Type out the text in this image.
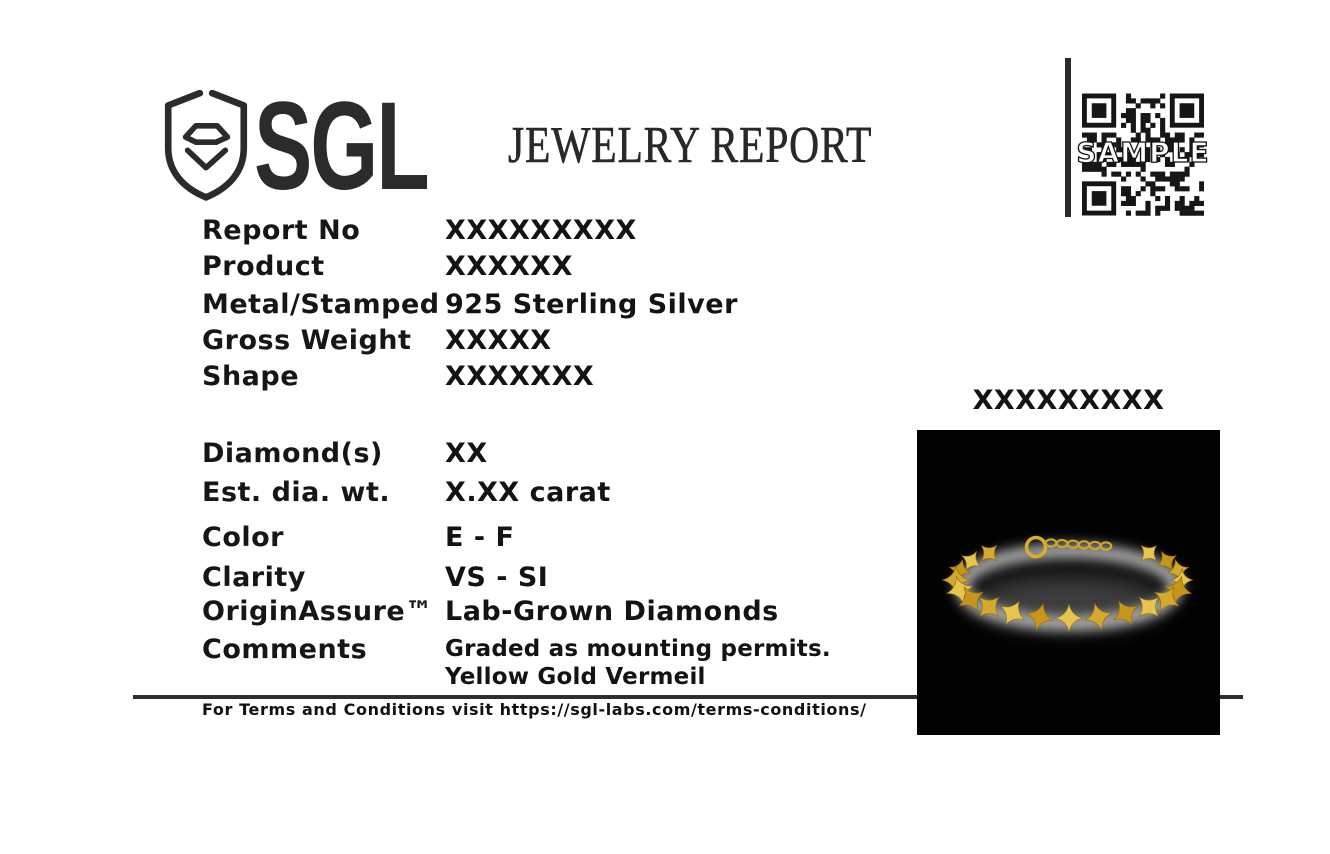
SGL JEWELRY REPORT	SAMPLE
Report No	XXXXXXXXX
Product	XXXXXX
Metal/Stamped 925 Sterling Silver
Gross Weight XXXXX
Shape	XXXXXXX
Diamond(s) XX
Est. dia. wt. X.XX carat
Color	E - F
Clarity	VS - SI
OriginAssure™ Lab-Grown Diamonds
Comments	Graded as mounting permits.
Yellow Gold Vermeil
For Terms and Conditions visit https://sgl-labs.com/terms-conditions/
XXXXXXXXX
